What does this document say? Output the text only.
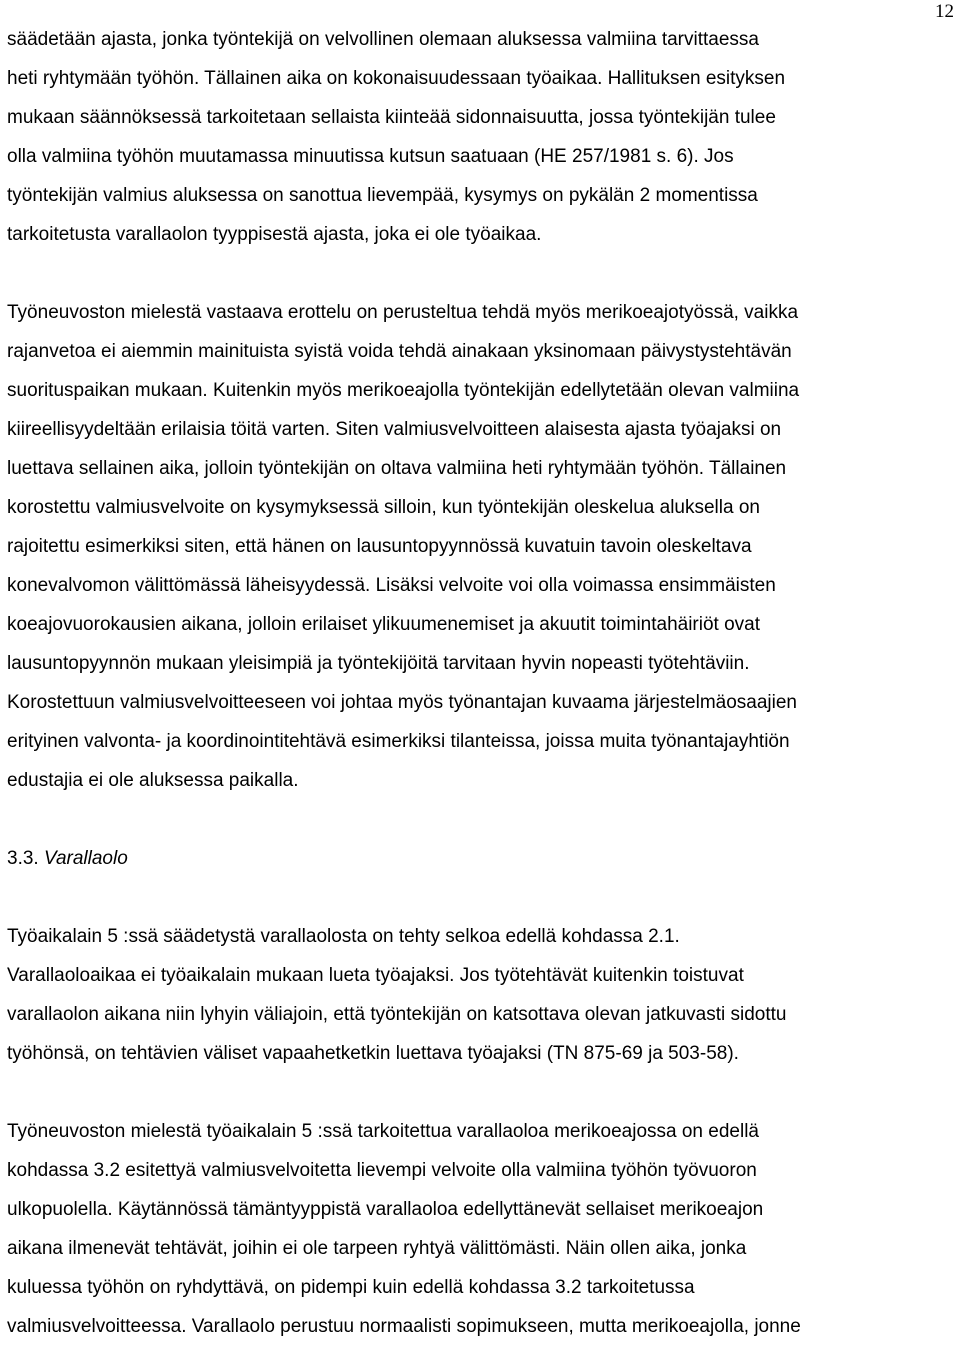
12
säädetään ajasta, jonka työntekijä on velvollinen olemaan aluksessa valmiina tarvittaessa
heti ryhtymään työhön. Tällainen aika on kokonaisuudessaan työaikaa. Hallituksen esityksen
mukaan säännöksessä tarkoitetaan sellaista kiinteää sidonnaisuutta, jossa työntekijän tulee
olla valmiina työhön muutamassa minuutissa kutsun saatuaan (HE 257/1981 s. 6). Jos
työntekijän valmius aluksessa on sanottua lievempää, kysymys on pykälän 2 momentissa
tarkoitetusta varallaolon tyyppisestä ajasta, joka ei ole työaikaa.
Työneuvoston mielestä vastaava erottelu on perusteltua tehdä myös merikoeajotyössä, vaikka
rajanvetoa ei aiemmin mainituista syistä voida tehdä ainakaan yksinomaan päivystystehtävän
suorituspaikan mukaan. Kuitenkin myös merikoeajolla työntekijän edellytetään olevan valmiina
kiireellisyydeltään erilaisia töitä varten. Siten valmiusvelvoitteen alaisesta ajasta työajaksi on
luettava sellainen aika, jolloin työntekijän on oltava valmiina heti ryhtymään työhön. Tällainen
korostettu valmiusvelvoite on kysymyksessä silloin, kun työntekijän oleskelua aluksella on
rajoitettu esimerkiksi siten, että hänen on lausuntopyynnössä kuvatuin tavoin oleskeltava
konevalvomon välittömässä läheisyydessä. Lisäksi velvoite voi olla voimassa ensimmäisten
koeajovuorokausien aikana, jolloin erilaiset ylikuumenemiset ja akuutit toimintahäiriöt ovat
lausuntopyynnön mukaan yleisimpiä ja työntekijöitä tarvitaan hyvin nopeasti työtehtäviin.
Korostettuun valmiusvelvoitteeseen voi johtaa myös työnantajan kuvaama järjestelmäosaajien
erityinen valvonta- ja koordinointitehtävä esimerkiksi tilanteissa, joissa muita työnantajayhtiön
edustajia ei ole aluksessa paikalla.
3.3. Varallaolo
Työaikalain 5 :ssä säädetystä varallaolosta on tehty selkoa edellä kohdassa 2.1.
Varallaoloaikaa ei työaikalain mukaan lueta työajaksi. Jos työtehtävät kuitenkin toistuvat
varallaolon aikana niin lyhyin väliajoin, että työntekijän on katsottava olevan jatkuvasti sidottu
työhönsä, on tehtävien väliset vapaahetketkin luettava työajaksi (TN 875-69 ja 503-58).
Työneuvoston mielestä työaikalain 5 :ssä tarkoitettua varallaoloa merikoeajossa on edellä
kohdassa 3.2 esitettyä valmiusvelvoitetta lievempi velvoite olla valmiina työhön työvuoron
ulkopuolella. Käytännössä tämäntyyppistä varallaoloa edellyttänevät sellaiset merikoeajon
aikana ilmenevät tehtävät, joihin ei ole tarpeen ryhtyä välittömästi. Näin ollen aika, jonka
kuluessa työhön on ryhdyttävä, on pidempi kuin edellä kohdassa 3.2 tarkoitetussa
valmiusvelvoitteessa. Varallaolo perustuu normaalisti sopimukseen, mutta merikoeajolla, jonne
